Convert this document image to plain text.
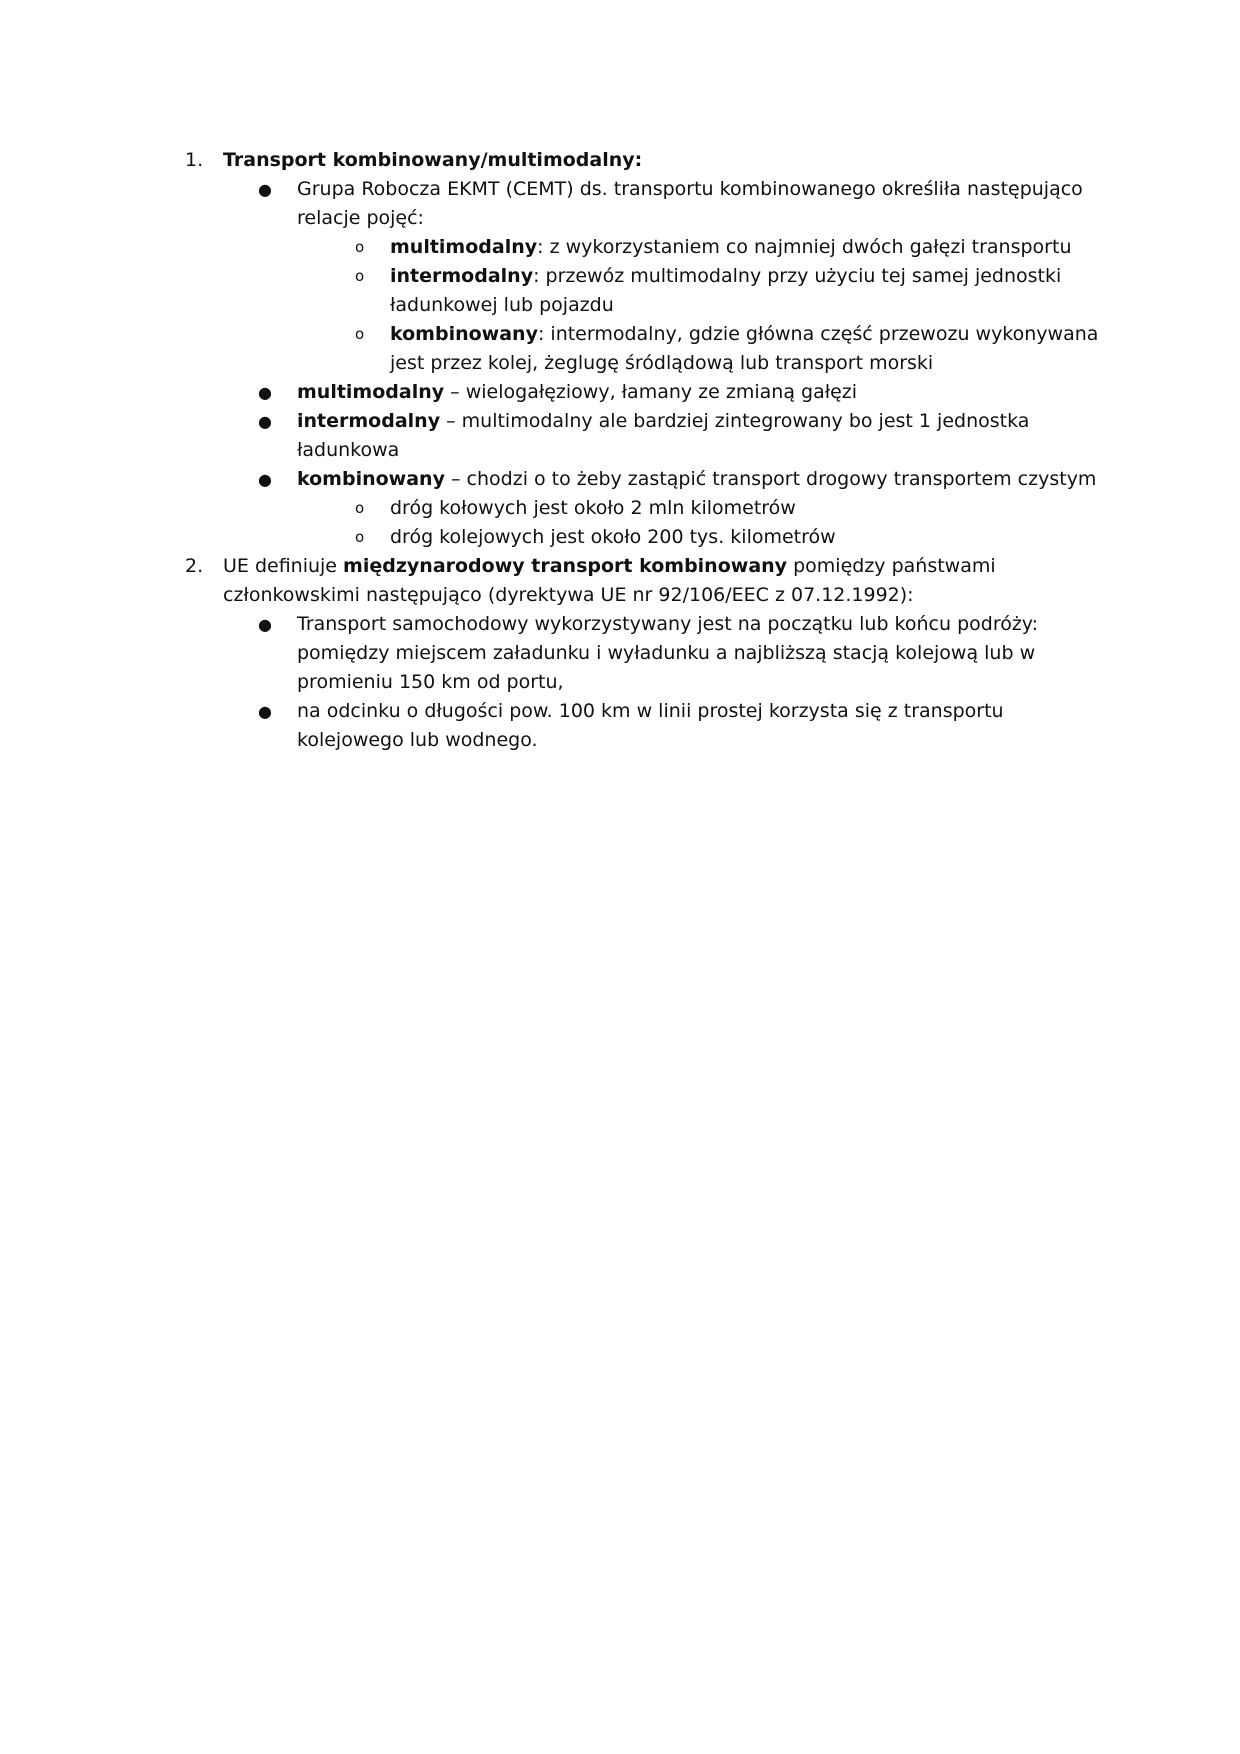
1. Transport kombinowany/multimodalny:
● Grupa Robocza EKMT (CEMT) ds. transportu kombinowanego określiła następująco
relacje pojęć:
o multimodalny: z wykorzystaniem co najmniej dwóch gałęzi transportu
o intermodalny: przewóz multimodalny przy użyciu tej samej jednostki
ładunkowej lub pojazdu
o kombinowany: intermodalny, gdzie główna część przewozu wykonywana
jest przez kolej, żeglugę śródlądową lub transport morski
● multimodalny – wielogałęziowy, łamany ze zmianą gałęzi
● intermodalny – multimodalny ale bardziej zintegrowany bo jest 1 jednostka
ładunkowa
● kombinowany – chodzi o to żeby zastąpić transport drogowy transportem czystym
o dróg kołowych jest około 2 mln kilometrów
o dróg kolejowych jest około 200 tys. kilometrów
2. UE definiuje międzynarodowy transport kombinowany pomiędzy państwami
członkowskimi następująco (dyrektywa UE nr 92/106/EEC z 07.12.1992):
● Transport samochodowy wykorzystywany jest na początku lub końcu podróży:
pomiędzy miejscem załadunku i wyładunku a najbliższą stacją kolejową lub w
promieniu 150 km od portu,
● na odcinku o długości pow. 100 km w linii prostej korzysta się z transportu
kolejowego lub wodnego.
